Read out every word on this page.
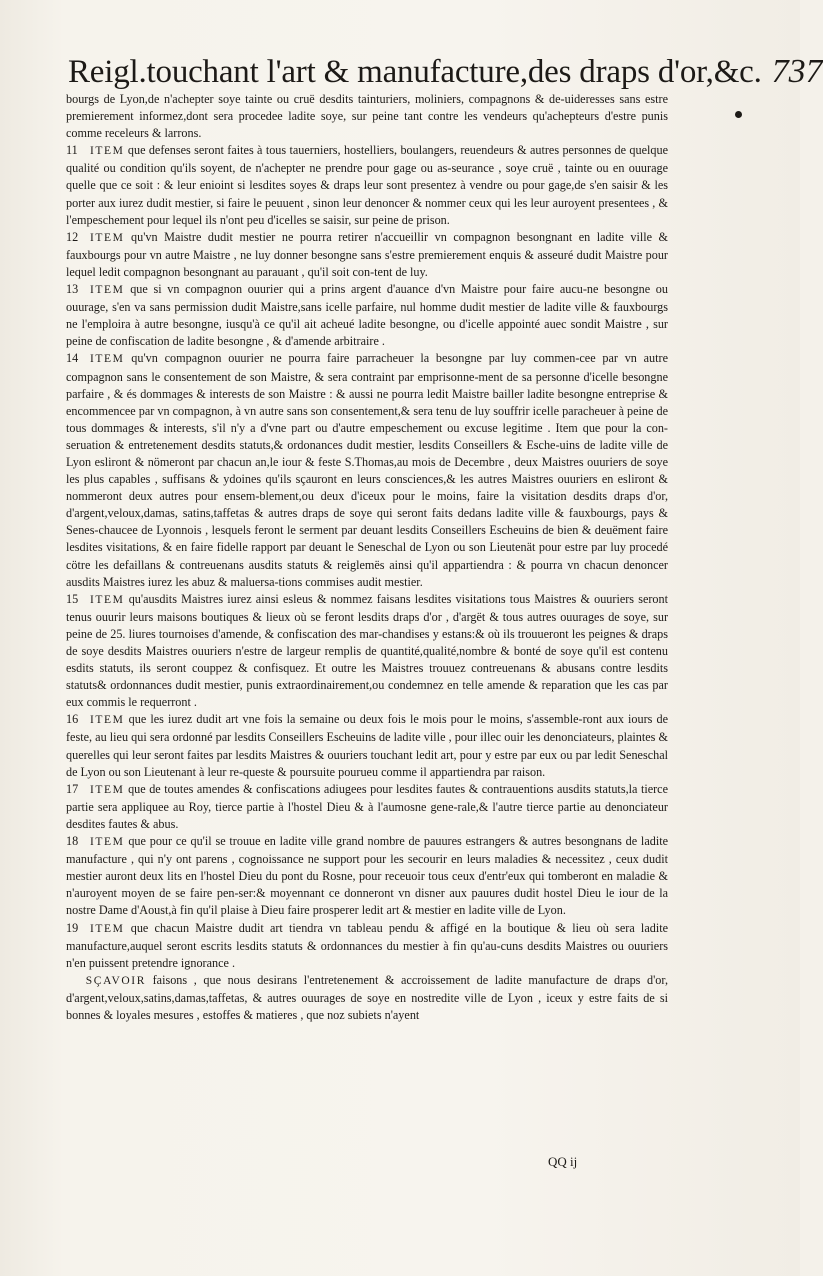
Reigl.touchant l'art & manufacture,des draps d'or,&c. 737

bourgs de Lyon,de n'achepter soye tainte ou cruë desdits tainturiers, moliniers, compagnons & de-uideresses sans estre premierement informez,dont sera procedee ladite soye, sur peine tant contre les vendeurs qu'achepteurs d'estre punis comme receleurs & larrons.

11 ITEM que defenses seront faites à tous tauerniers, hostelliers, boulangers, reuendeurs & autres personnes de quelque qualité ou condition qu'ils soyent, de n'achepter ne prendre pour gage ou as-seurance , soye cruë , tainte ou en ouurage quelle que ce soit : & leur enioint si lesdites soyes & draps leur sont presentez à vendre ou pour gage,de s'en saisir & les porter aux iurez dudit mestier, si faire le peuuent , sinon leur denoncer & nommer ceux qui les leur auroyent presentees , & l'empeschement pour lequel ils n'ont peu d'icelles se saisir, sur peine de prison.

12 ITEM qu'vn Maistre dudit mestier ne pourra retirer n'accueillir vn compagnon besongnant en ladite ville & fauxbourgs pour vn autre Maistre , ne luy donner besongne sans s'estre premierement enquis & asseuré dudit Maistre pour lequel ledit compagnon besongnant au parauant , qu'il soit con-tent de luy.

13 ITEM que si vn compagnon ouurier qui a prins argent d'auance d'vn Maistre pour faire aucu-ne besongne ou ouurage, s'en va sans permission dudit Maistre,sans icelle parfaire, nul homme dudit mestier de ladite ville & fauxbourgs ne l'emploira à autre besongne, iusqu'à ce qu'il ait acheué ladite besongne, ou d'icelle appointé auec sondit Maistre , sur peine de confiscation de ladite besongne , & d'amende arbitraire .

14 ITEM qu'vn compagnon ouurier ne pourra faire parracheuer la besongne par luy commen-cee par vn autre compagnon sans le consentement de son Maistre, & sera contraint par emprisonne-ment de sa personne d'icelle besongne parfaire , & és dommages & interests de son Maistre : & aussi ne pourra ledit Maistre bailler ladite besongne entreprise & encommencee par vn compagnon, à vn autre sans son consentement,& sera tenu de luy souffrir icelle paracheuer à peine de tous dommages & interests, s'il n'y a d'vne part ou d'autre empeschement ou excuse legitime . Item que pour la con-seruation & entretenement desdits statuts,& ordonances dudit mestier, lesdits Conseillers & Esche-uins de ladite ville de Lyon esliront & nömeront par chacun an,le iour & feste S.Thomas,au mois de Decembre , deux Maistres ouuriers de soye les plus capables , suffisans & ydoines qu'ils sçauront en leurs consciences,& les autres Maistres ouuriers en esliront & nommeront deux autres pour ensem-blement,ou deux d'iceux pour le moins, faire la visitation desdits draps d'or, d'argent,veloux,damas, satins,taffetas & autres draps de soye qui seront faits dedans ladite ville & fauxbourgs, pays & Senes-chaucee de Lyonnois , lesquels feront le serment par deuant lesdits Conseillers Escheuins de bien & deuëment faire lesdites visitations, & en faire fidelle rapport par deuant le Seneschal de Lyon ou son Lieutenät pour estre par luy procedé cötre les defaillans & contreuenans ausdits statuts & reiglemës ainsi qu'il appartiendra : & pourra vn chacun denoncer ausdits Maistres iurez les abuz & maluersa-tions commises audit mestier.

15 ITEM qu'ausdits Maistres iurez ainsi esleus & nommez faisans lesdites visitations tous Maistres & ouuriers seront tenus ouurir leurs maisons boutiques & lieux où se feront lesdits draps d'or , d'argët & tous autres ouurages de soye, sur peine de 25. liures tournoises d'amende, & confiscation des mar-chandises y estans:& où ils trouueront les peignes & draps de soye desdits Maistres ouuriers n'estre de largeur remplis de quantité,qualité,nombre & bonté de soye qu'il est contenu esdits statuts, ils seront couppez & confisquez. Et outre les Maistres trouuez contreuenans & abusans contre lesdits statuts& ordonnances dudit mestier, punis extraordinairement,ou condemnez en telle amende & reparation que les cas par eux commis le requerront .

16 ITEM que les iurez dudit art vne fois la semaine ou deux fois le mois pour le moins, s'assemble-ront aux iours de feste, au lieu qui sera ordonné par lesdits Conseillers Escheuins de ladite ville , pour illec ouir les denonciateurs, plaintes & querelles qui leur seront faites par lesdits Maistres & ouuriers touchant ledit art, pour y estre par eux ou par ledit Seneschal de Lyon ou son Lieutenant à leur re-queste & poursuite pourueu comme il appartiendra par raison.

17 ITEM que de toutes amendes & confiscations adiugees pour lesdites fautes & contrauentions ausdits statuts,la tierce partie sera appliquee au Roy, tierce partie à l'hostel Dieu & à l'aumosne gene-rale,& l'autre tierce partie au denonciateur desdites fautes & abus.

18 ITEM que pour ce qu'il se trouue en ladite ville grand nombre de pauures estrangers & autres besongnans de ladite manufacture , qui n'y ont parens , cognoissance ne support pour les secourir en leurs maladies & necessitez , ceux dudit mestier auront deux lits en l'hostel Dieu du pont du Rosne, pour receuoir tous ceux d'entr'eux qui tomberont en maladie & n'auroyent moyen de se faire pen-ser:& moyennant ce donneront vn disner aux pauures dudit hostel Dieu le iour de la nostre Dame d'Aoust,à fin qu'il plaise à Dieu faire prosperer ledit art & mestier en ladite ville de Lyon.

19 ITEM que chacun Maistre dudit art tiendra vn tableau pendu & affigé en la boutique & lieu où sera ladite manufacture,auquel seront escrits lesdits statuts & ordonnances du mestier à fin qu'au-cuns desdits Maistres ou ouuriers n'en puissent pretendre ignorance .

SÇAVOIR faisons , que nous desirans l'entretenement & accroissement de ladite manufacture de draps d'or, d'argent,veloux,satins,damas,taffetas, & autres ouurages de soye en nostredite ville de Lyon , iceux y estre faits de si bonnes & loyales mesures , estoffes & matieres , que noz subiets n'ayent

QQ ij
